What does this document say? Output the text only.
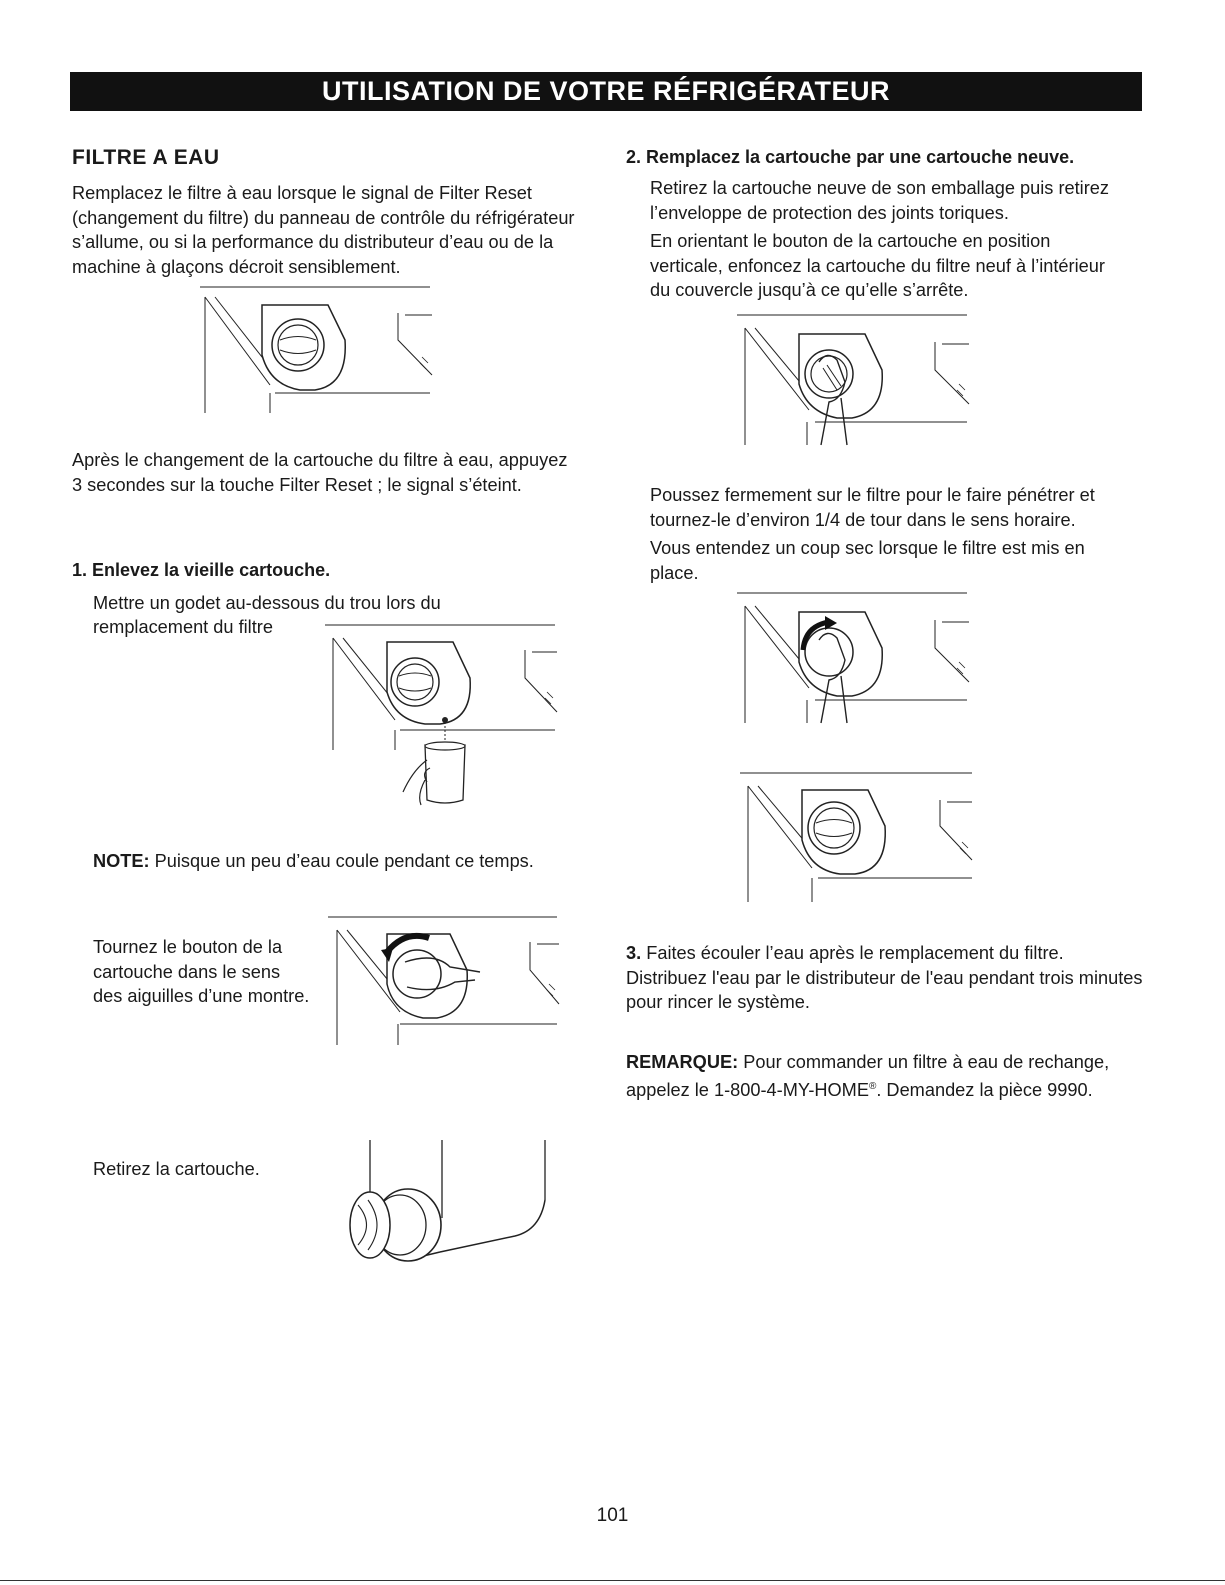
UTILISATION DE VOTRE RÉFRIGÉRATEUR
FILTRE A EAU

Remplacez le filtre à eau lorsque le signal de Filter Reset (changement du filtre) du panneau de contrôle du réfrigérateur s’allume, ou si la performance du distributeur d’eau ou de la machine à glaçons décroit sensiblement.

Après le changement de la cartouche du filtre à eau, appuyez 3 secondes sur la touche Filter Reset ; le signal s’éteint.

1. Enlevez la vieille cartouche.

Mettre un godet au-dessous du trou lors du

remplacement du filtre

NOTE: Puisque un peu d’eau coule pendant ce temps.

Tournez le bouton de la cartouche dans le sens des aiguilles d’une montre.

Retirez la cartouche.

2. Remplacez la cartouche par une cartouche neuve.

Retirez la cartouche neuve de son emballage puis retirez l’enveloppe de protection des joints toriques.

En orientant le bouton de la cartouche en position verticale, enfoncez la cartouche du filtre neuf à l’intérieur du couvercle jusqu’à ce qu’elle s’arrête.

Poussez fermement sur le filtre pour le faire pénétrer et tournez-le d’environ 1/4 de tour dans le sens horaire.

Vous entendez un coup sec lorsque le filtre est mis en place.

3. Faites écouler l’eau après le remplacement du filtre. Distribuez l'eau par le distributeur de l'eau pendant trois minutes pour rincer le système.

REMARQUE: Pour commander un filtre à eau de rechange, appelez le 1-800-4-MY-HOME®. Demandez la pièce 9990.

101
